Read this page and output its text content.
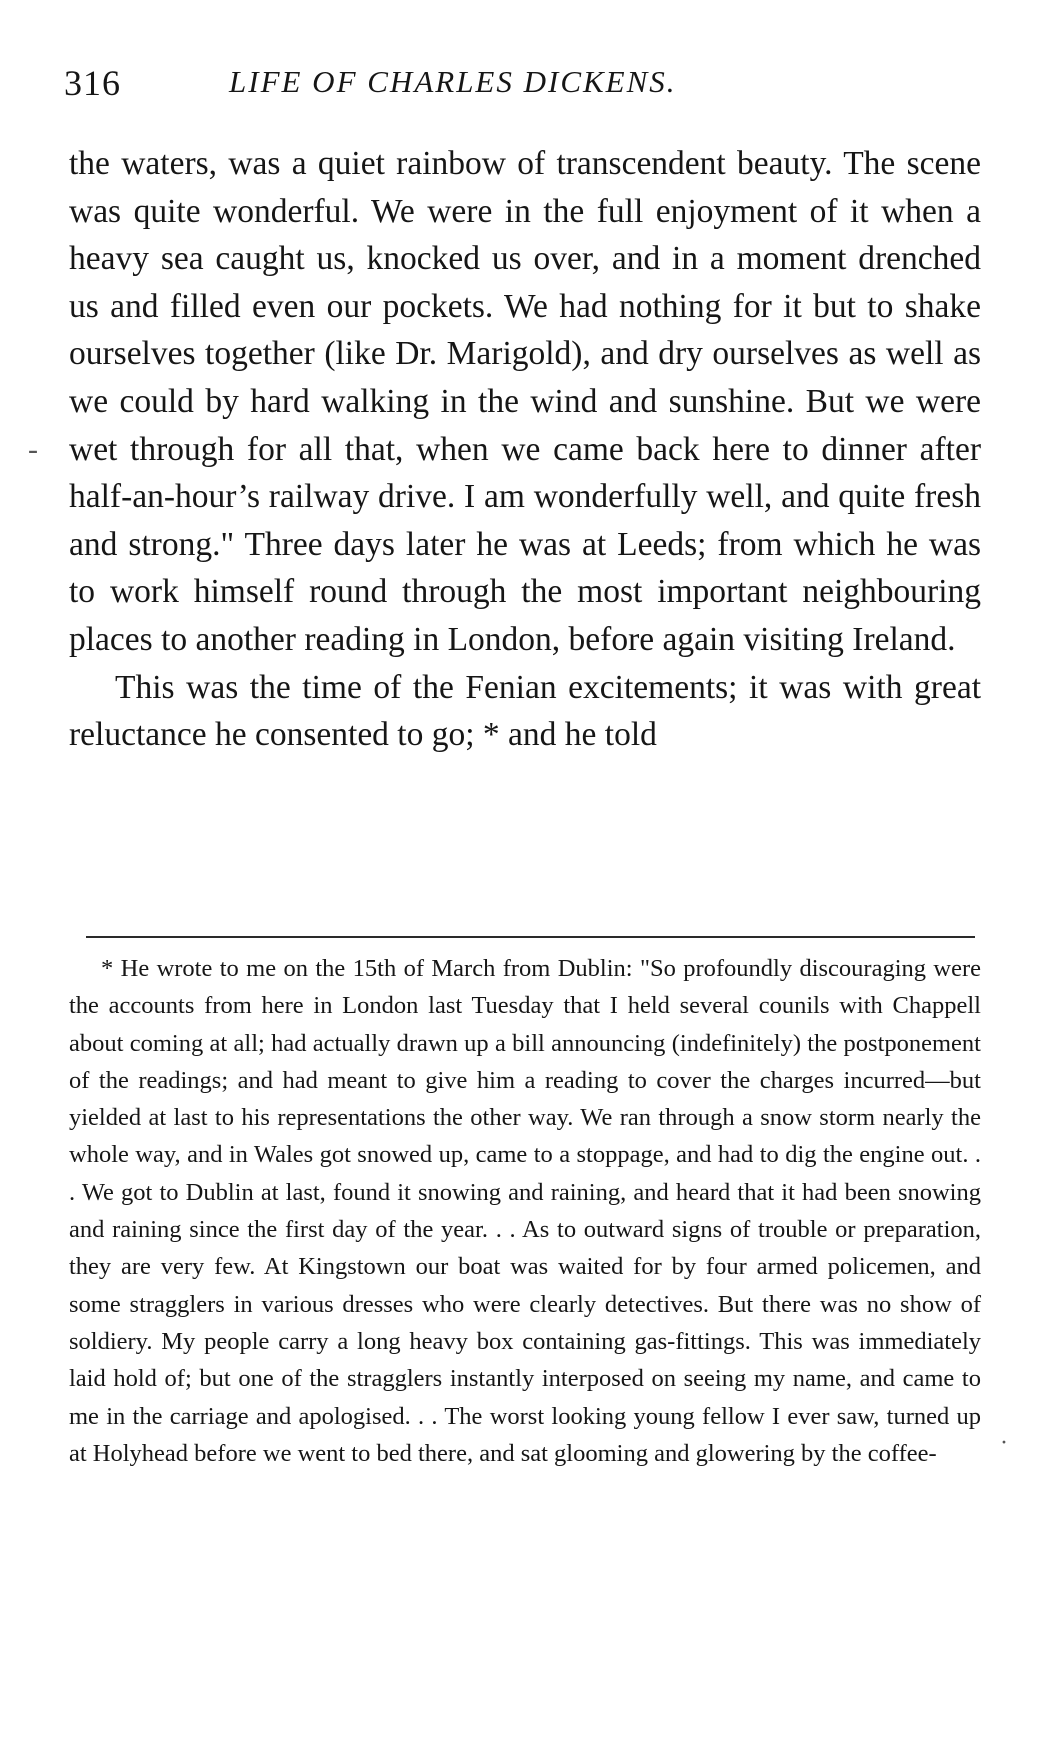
316	LIFE OF CHARLES DICKENS.

the waters, was a quiet rainbow of transcendent beauty. The scene was quite wonderful. We were in the full enjoyment of it when a heavy sea caught us, knocked us over, and in a moment drenched us and filled even our pockets. We had nothing for it but to shake ourselves together (like Dr. Marigold), and dry ourselves as well as we could by hard walking in the wind and sunshine. But we were wet through for all that, when we came back here to dinner after half-an-hour’s railway drive. I am wonderfully well, and quite fresh and strong." Three days later he was at Leeds; from which he was to work himself round through the most important neighbouring places to another reading in London, before again visiting Ireland.

This was the time of the Fenian excitements; it was with great reluctance he consented to go; * and he told

-

* He wrote to me on the 15th of March from Dublin: "So profoundly discouraging were the accounts from here in London last Tuesday that I held several counils with Chappell about coming at all; had actually drawn up a bill announcing (indefinitely) the postponement of the readings; and had meant to give him a reading to cover the charges incurred—but yielded at last to his representations the other way. We ran through a snow storm nearly the whole way, and in Wales got snowed up, came to a stoppage, and had to dig the engine out. . . We got to Dublin at last, found it snowing and raining, and heard that it had been snowing and raining since the first day of the year. . . As to outward signs of trouble or preparation, they are very few. At Kingstown our boat was waited for by four armed policemen, and some stragglers in various dresses who were clearly detectives. But there was no show of soldiery. My people carry a long heavy box containing gas-fittings. This was immediately laid hold of; but one of the stragglers instantly interposed on seeing my name, and came to me in the carriage and apologised. . . The worst looking young fellow I ever saw, turned up at Holyhead before we went to bed there, and sat glooming and glowering by the coffee-	·
